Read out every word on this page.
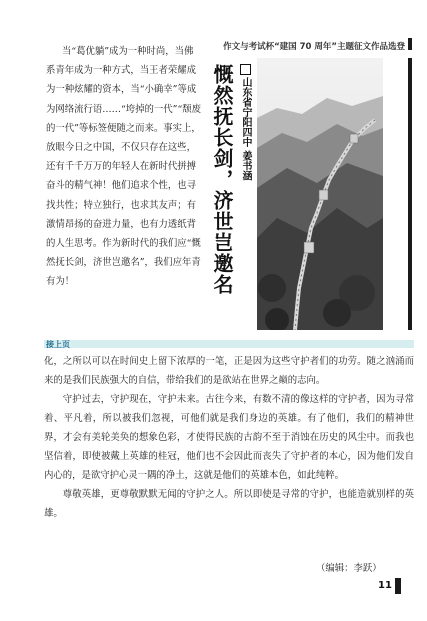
作文与考试杯“建国 70 周年”主题征文作品选登

当“葛优躺”成为一种时尚，当佛系青年成为一种方式，当王者荣耀成为一种炫耀的资本，当“小确幸”等成为网络流行语……“垮掉的一代”“颓废的一代”等标签便随之而来。事实上，放眼今日之中国，不仅只存在这些，还有千千万万的年轻人在新时代拼搏奋斗的精气神！他们追求个性，也寻找共性；特立独行，也求其友声；有激情昂扬的奋进力量，也有力透纸背的人生思考。作为新时代的我们应“慨然抚长剑，济世岂邀名”，我们应年青有为！	慨然抚长剑，济世岂邀名 山东省宁阳四中 姜书涵
接上页

化，之所以可以在时间史上留下浓厚的一笔，正是因为这些守护者们的功劳。随之汹涌而来的是我们民族强大的自信，带给我们的是欲站在世界之巅的志向。

守护过去，守护现在，守护未来。古往今来，有数不清的像这样的守护者，因为寻常着、平凡着，所以被我们忽视，可他们就是我们身边的英雄。有了他们，我们的精神世界，才会有美轮美奂的想象色彩，才使得民族的古韵不至于消蚀在历史的风尘中。而我也坚信着，即使被戴上英雄的桂冠，他们也不会因此而丧失了守护者的本心，因为他们发自内心的，是欲守护心灵一隅的净土，这就是他们的英雄本色，如此纯粹。

尊敬英雄，更尊敬默默无闻的守护之人。所以即使是寻常的守护，也能造就别样的英雄。

（编辑：李跃）
11
